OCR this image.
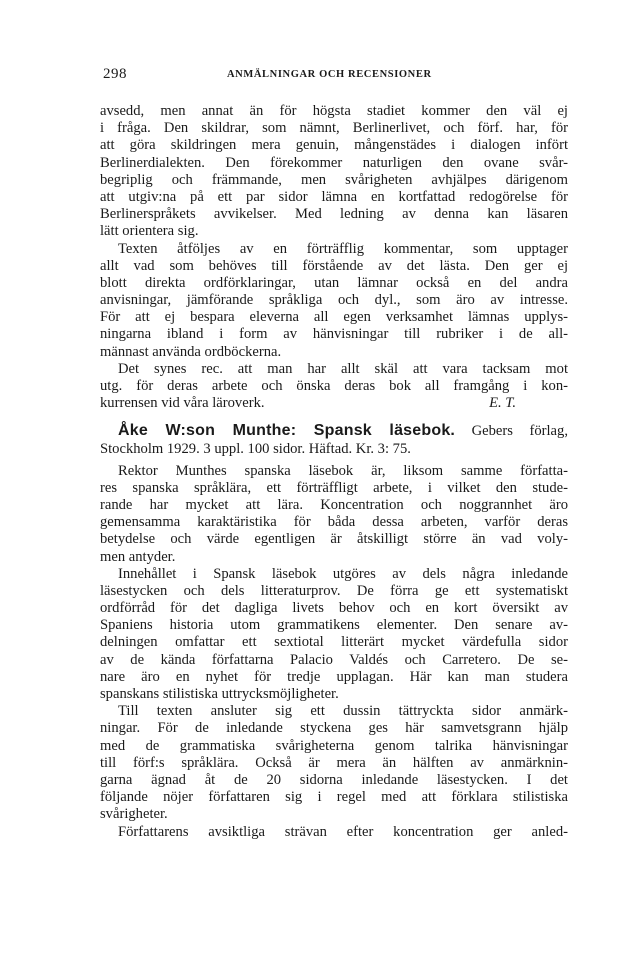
298	ANMÄLNINGAR OCH RECENSIONER
avsedd, men annat än för högsta stadiet kommer den väl ej
i fråga. Den skildrar, som nämnt, Berlinerlivet, och förf. har, för
att göra skildringen mera genuin, mångenstädes i dialogen infört
Berlinerdialekten. Den förekommer naturligen den ovane svår-
begriplig och främmande, men svårigheten avhjälpes därigenom
att utgiv:na på ett par sidor lämna en kortfattad redogörelse för
Berlinerspråkets avvikelser. Med ledning av denna kan läsaren
lätt orientera sig.
Texten åtföljes av en förträfflig kommentar, som upptager
allt vad som behöves till förstående av det lästa. Den ger ej
blott direkta ordförklaringar, utan lämnar också en del andra
anvisningar, jämförande språkliga och dyl., som äro av intresse.
För att ej bespara eleverna all egen verksamhet lämnas upplys-
ningarna ibland i form av hänvisningar till rubriker i de all-
männast använda ordböckerna.
Det synes rec. att man har allt skäl att vara tacksam mot
utg. för deras arbete och önska deras bok all framgång i kon-
kurrensen vid våra läroverk.	E. T.
Åke W:son Munthe: Spansk läsebok. Gebers förlag,
Stockholm 1929. 3 uppl. 100 sidor. Häftad. Kr. 3: 75.
Rektor Munthes spanska läsebok är, liksom samme författa-
res spanska språklära, ett förträffligt arbete, i vilket den stude-
rande har mycket att lära. Koncentration och noggrannhet äro
gemensamma karaktäristika för båda dessa arbeten, varför deras
betydelse och värde egentligen är åtskilligt större än vad voly-
men antyder.
Innehållet i Spansk läsebok utgöres av dels några inledande
läsestycken och dels litteraturprov. De förra ge ett systematiskt
ordförråd för det dagliga livets behov och en kort översikt av
Spaniens historia utom grammatikens elementer. Den senare av-
delningen omfattar ett sextiotal litterärt mycket värdefulla sidor
av de kända författarna Palacio Valdés och Carretero. De se-
nare äro en nyhet för tredje upplagan. Här kan man studera
spanskans stilistiska uttrycksmöjligheter.
Till texten ansluter sig ett dussin tättryckta sidor anmärk-
ningar. För de inledande styckena ges här samvetsgrann hjälp
med de grammatiska svårigheterna genom talrika hänvisningar
till förf:s språklära. Också är mera än hälften av anmärknin-
garna ägnad åt de 20 sidorna inledande läsestycken. I det
följande nöjer författaren sig i regel med att förklara stilistiska
svårigheter.
Författarens avsiktliga strävan efter koncentration ger anled-
